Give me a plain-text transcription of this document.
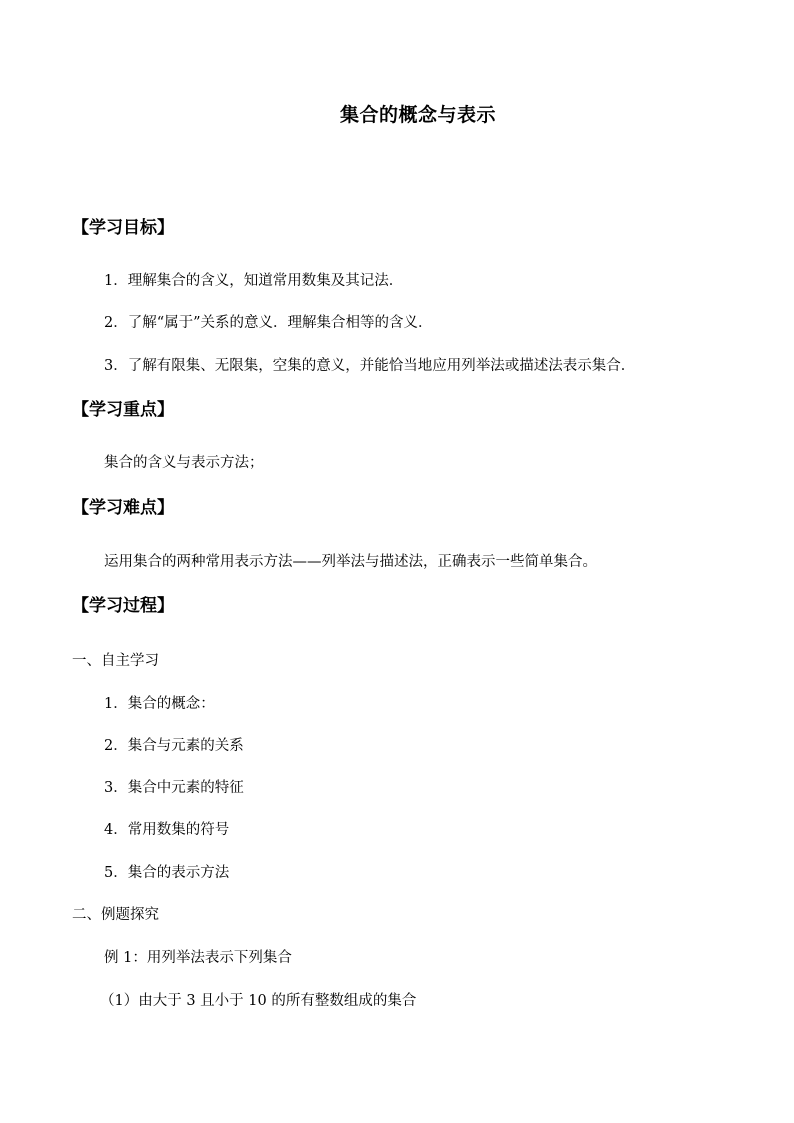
集合的概念与表示
【学习目标】
1．理解集合的含义，知道常用数集及其记法．
2．了解“属于”关系的意义．理解集合相等的含义．
3．了解有限集、无限集，空集的意义，并能恰当地应用列举法或描述法表示集合．
【学习重点】
集合的含义与表示方法；
【学习难点】
运用集合的两种常用表示方法——列举法与描述法，正确表示一些简单集合。
【学习过程】
一、自主学习
1．集合的概念：
2．集合与元素的关系
3．集合中元素的特征
4．常用数集的符号
5．集合的表示方法
二、例题探究
例 1：用列举法表示下列集合
（1）由大于 3 且小于 10 的所有整数组成的集合
